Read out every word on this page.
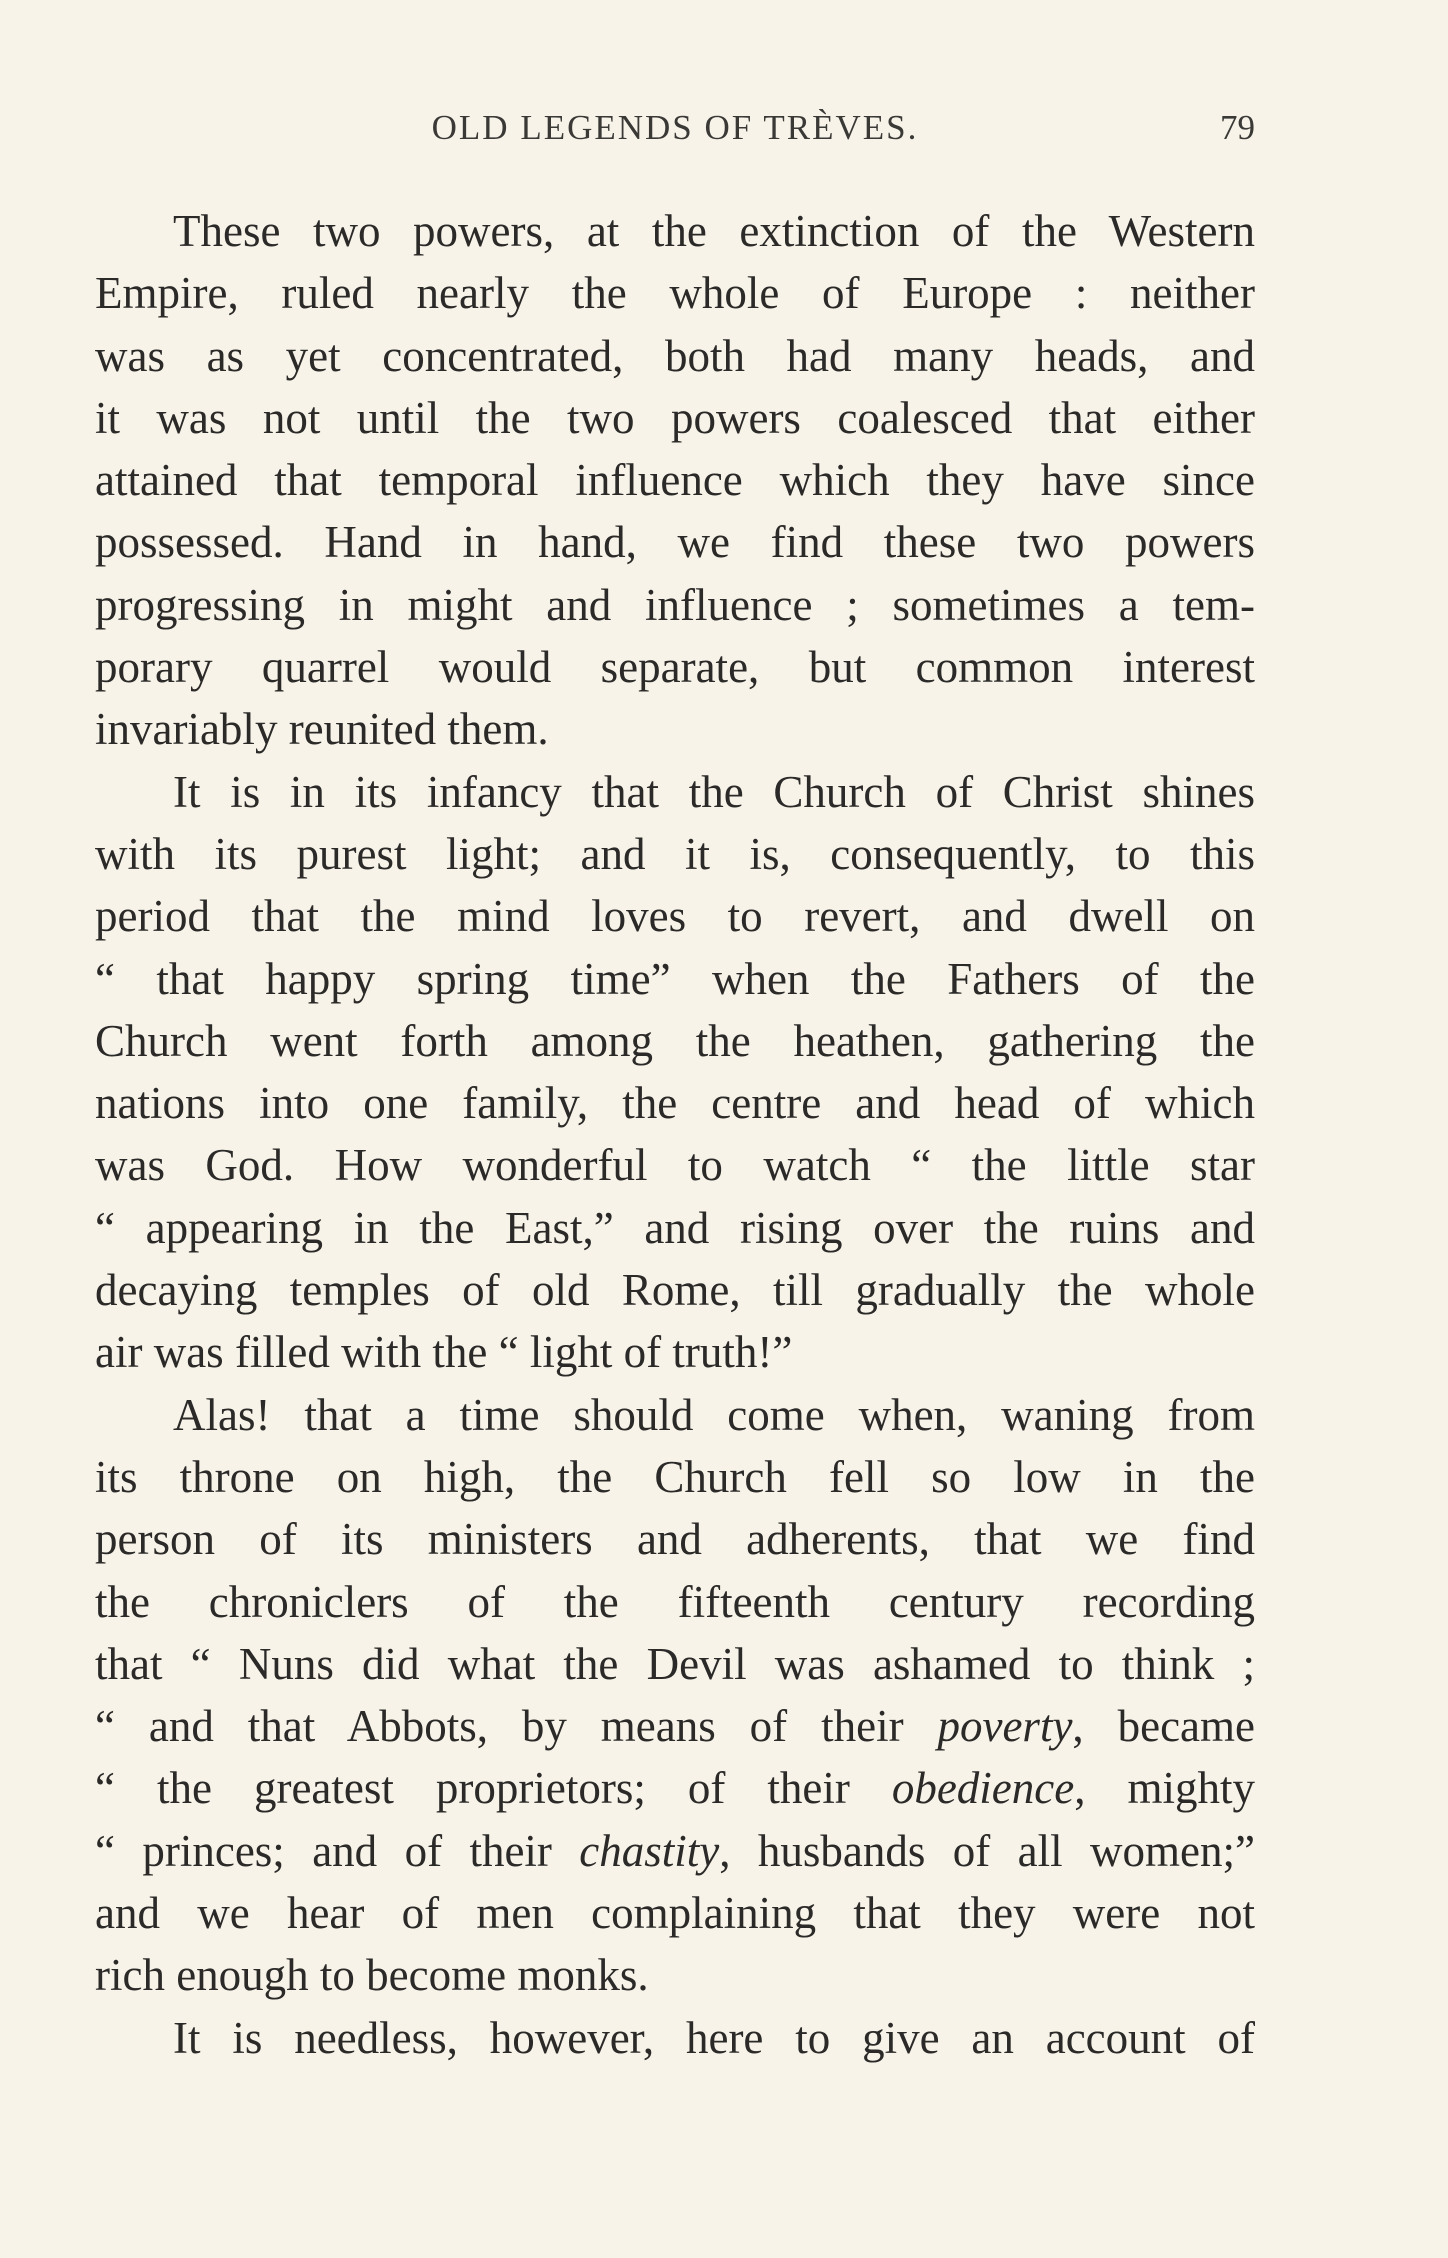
OLD LEGENDS OF TRÈVES.	79
These two powers, at the extinction of the Western
Empire, ruled nearly the whole of Europe : neither
was as yet concentrated, both had many heads, and
it was not until the two powers coalesced that either
attained that temporal influence which they have since
possessed. Hand in hand, we find these two powers
progressing in might and influence ; sometimes a tem-
porary quarrel would separate, but common interest
invariably reunited them.
It is in its infancy that the Church of Christ shines
with its purest light; and it is, consequently, to this
period that the mind loves to revert, and dwell on
“ that happy spring time” when the Fathers of the
Church went forth among the heathen, gathering the
nations into one family, the centre and head of which
was God. How wonderful to watch “ the little star
“ appearing in the East,” and rising over the ruins and
decaying temples of old Rome, till gradually the whole
air was filled with the “ light of truth!”
Alas! that a time should come when, waning from
its throne on high, the Church fell so low in the
person of its ministers and adherents, that we find
the chroniclers of the fifteenth century recording
that “ Nuns did what the Devil was ashamed to think ;
“ and that Abbots, by means of their poverty, became
“ the greatest proprietors; of their obedience, mighty
“ princes; and of their chastity, husbands of all women;”
and we hear of men complaining that they were not
rich enough to become monks.
It is needless, however, here to give an account of
